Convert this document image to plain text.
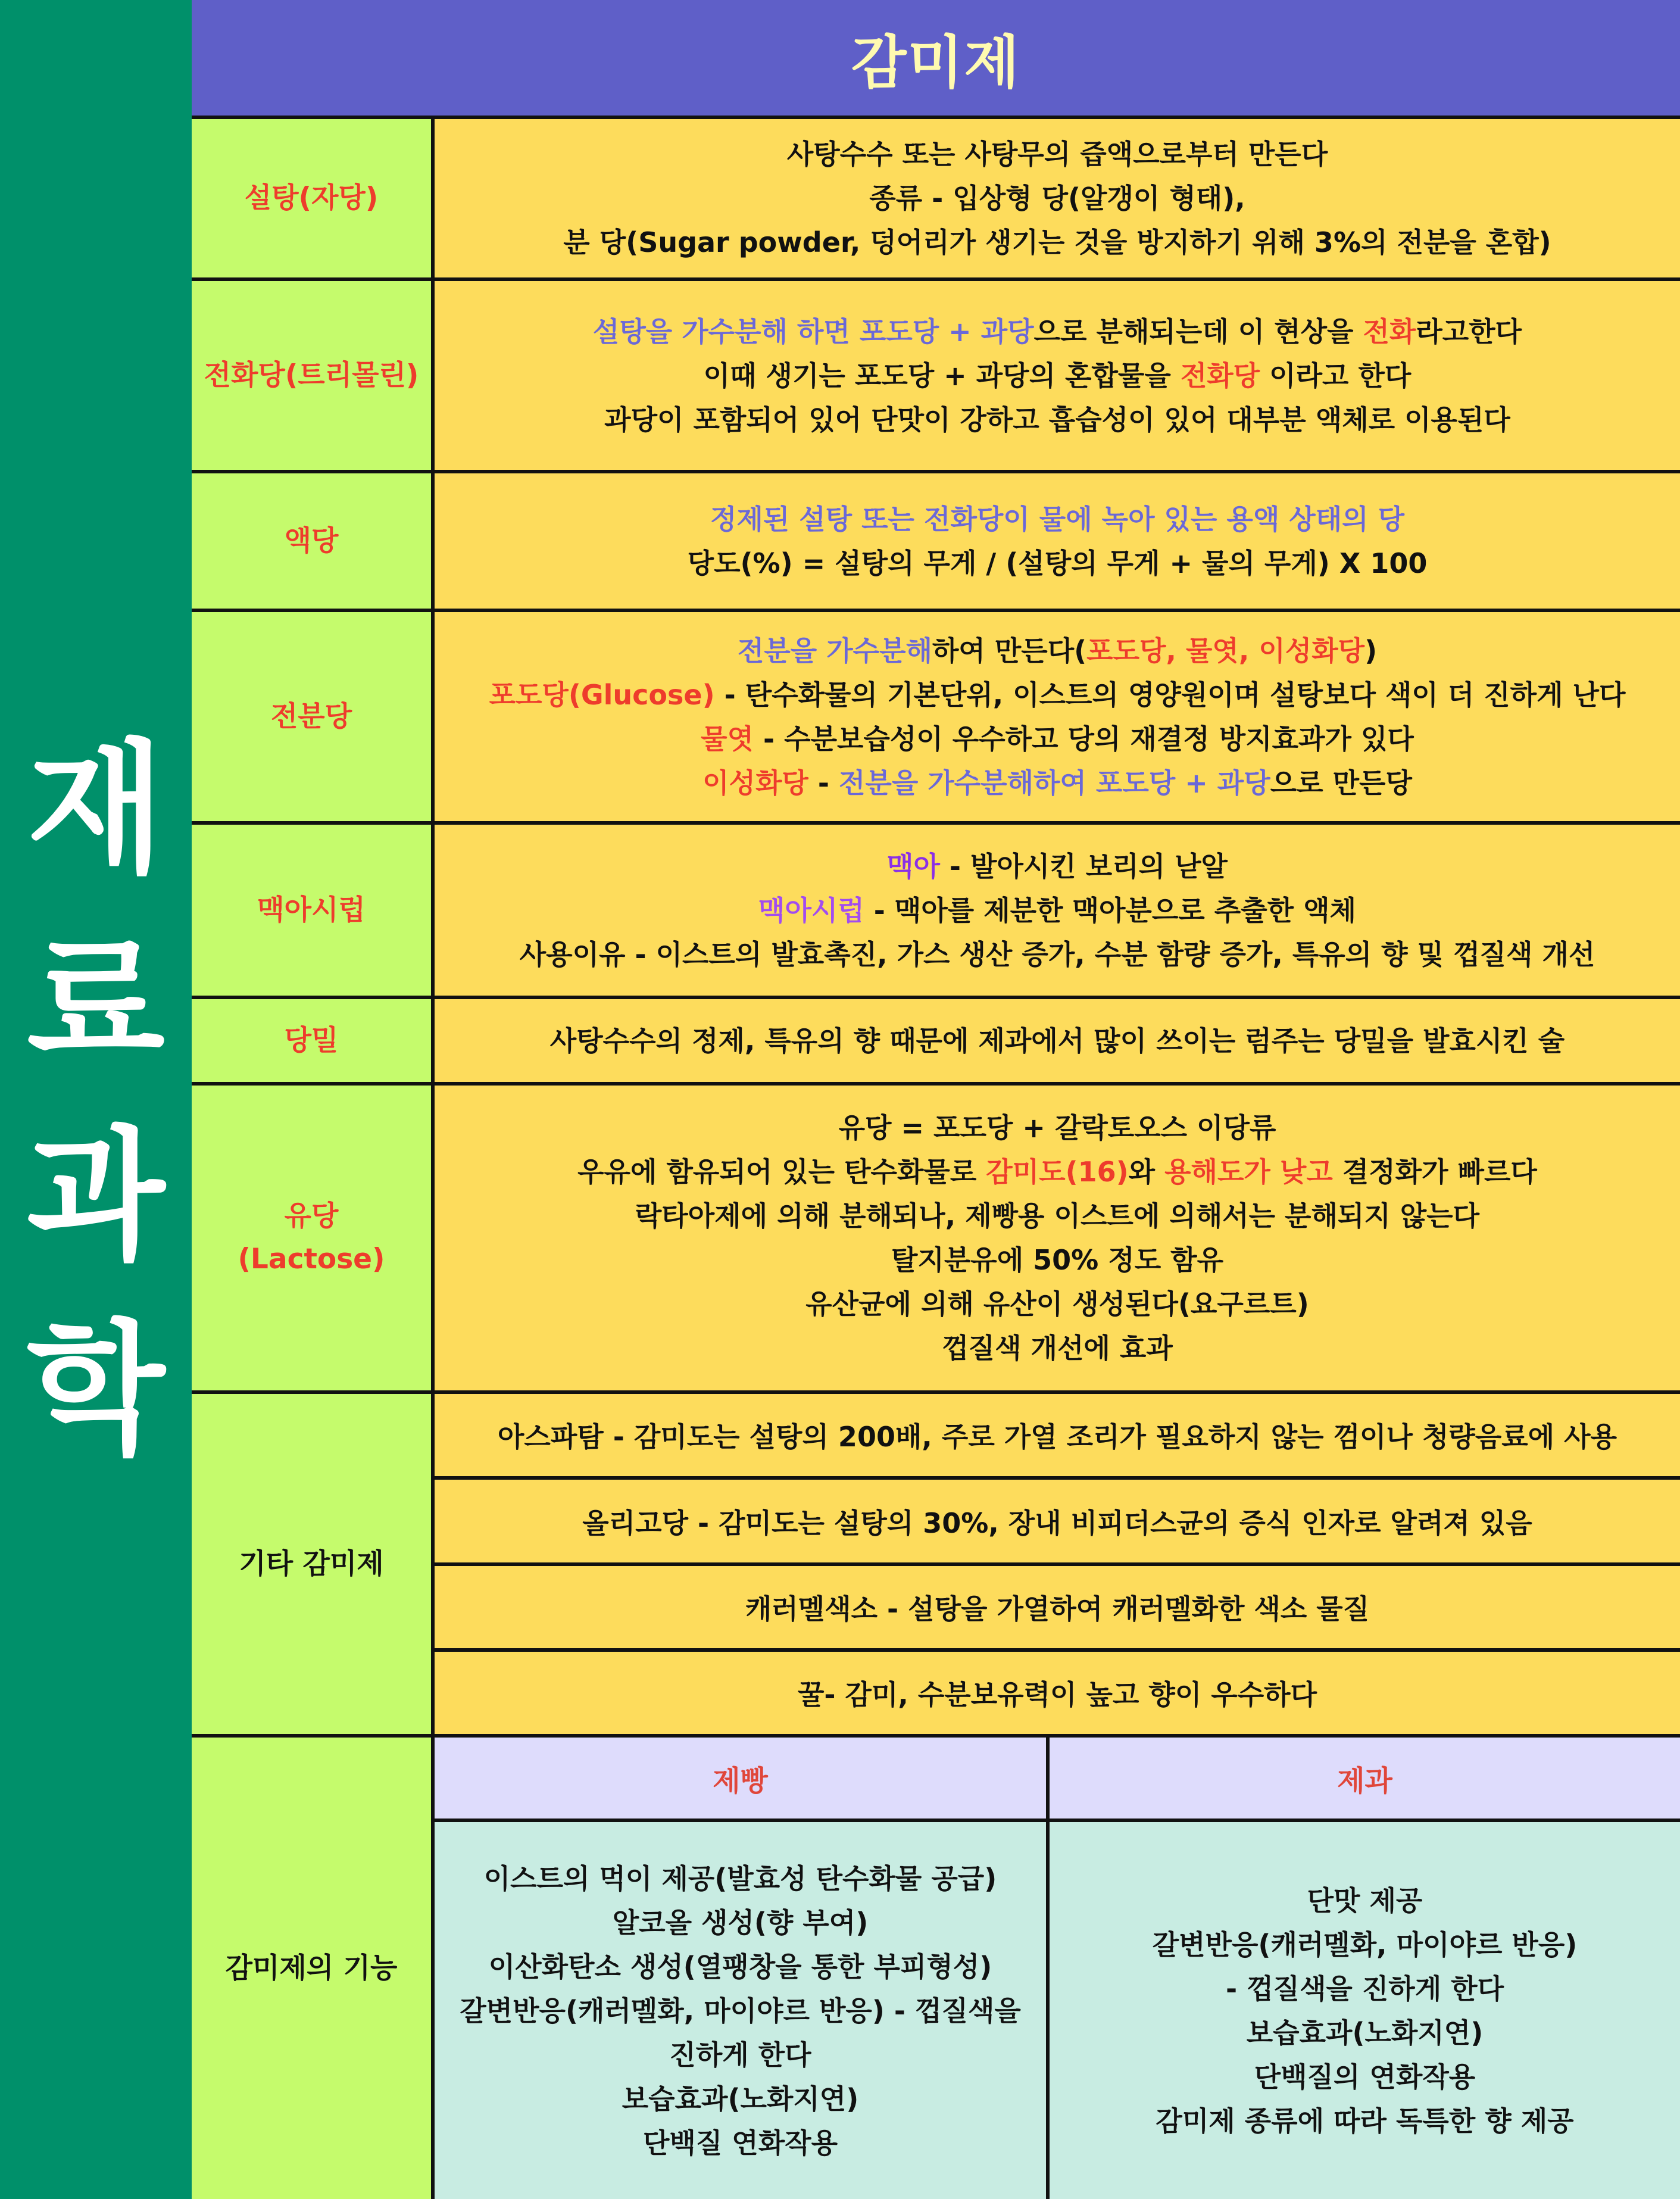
재
료
과
학
감미제
설탕(자당)

사탕수수 또는 사탕무의 즙액으로부터 만든다

종류 - 입상형 당(알갱이 형태),

분 당(Sugar powder, 덩어리가 생기는 것을 방지하기 위해 3%의 전분을 혼합)

전화당(트리몰린)

설탕을 가수분해 하면 포도당 + 과당으로 분해되는데 이 현상을 전화라고한다

이때 생기는 포도당 + 과당의 혼합물을 전화당 이라고 한다

과당이 포함되어 있어 단맛이 강하고 흡습성이 있어 대부분 액체로 이용된다

액당

정제된 설탕 또는 전화당이 물에 녹아 있는 용액 상태의 당

당도(%) = 설탕의 무게 / (설탕의 무게 + 물의 무게) X 100

전분당

전분을 가수분해하여 만든다(포도당, 물엿, 이성화당)

포도당(Glucose) - 탄수화물의 기본단위, 이스트의 영양원이며 설탕보다 색이 더 진하게 난다

물엿 - 수분보습성이 우수하고 당의 재결정 방지효과가 있다

이성화당 - 전분을 가수분해하여 포도당 + 과당으로 만든당

맥아시럽

맥아 - 발아시킨 보리의 낟알

맥아시럽 - 맥아를 제분한 맥아분으로 추출한 액체

사용이유 - 이스트의 발효촉진, 가스 생산 증가, 수분 함량 증가, 특유의 향 및 껍질색 개선

당밀	사탕수수의 정제, 특유의 향 때문에 제과에서 많이 쓰이는 럼주는 당밀을 발효시킨 술

유당
(Lactose)

유당 = 포도당 + 갈락토오스 이당류

우유에 함유되어 있는 탄수화물로 감미도(16)와 용해도가 낮고 결정화가 빠르다

락타아제에 의해 분해되나, 제빵용 이스트에 의해서는 분해되지 않는다

탈지분유에 50% 정도 함유

유산균에 의해 유산이 생성된다(요구르트)

껍질색 개선에 효과

기타 감미제
아스파탐 - 감미도는 설탕의 200배, 주로 가열 조리가 필요하지 않는 껌이나 청량음료에 사용
올리고당 - 감미도는 설탕의 30%, 장내 비피더스균의 증식 인자로 알려져 있음
캐러멜색소 - 설탕을 가열하여 캐러멜화한 색소 물질
꿀- 감미, 수분보유력이 높고 향이 우수하다
감미제의 기능
제빵	제과

이스트의 먹이 제공(발효성 탄수화물 공급)

알코올 생성(향 부여)

이산화탄소 생성(열팽창을 통한 부피형성)

갈변반응(캐러멜화, 마이야르 반응) - 껍질색을

진하게 한다

보습효과(노화지연)

단백질 연화작용

단맛 제공

갈변반응(캐러멜화, 마이야르 반응)

- 껍질색을 진하게 한다

보습효과(노화지연)

단백질의 연화작용

감미제 종류에 따라 독특한 향 제공
